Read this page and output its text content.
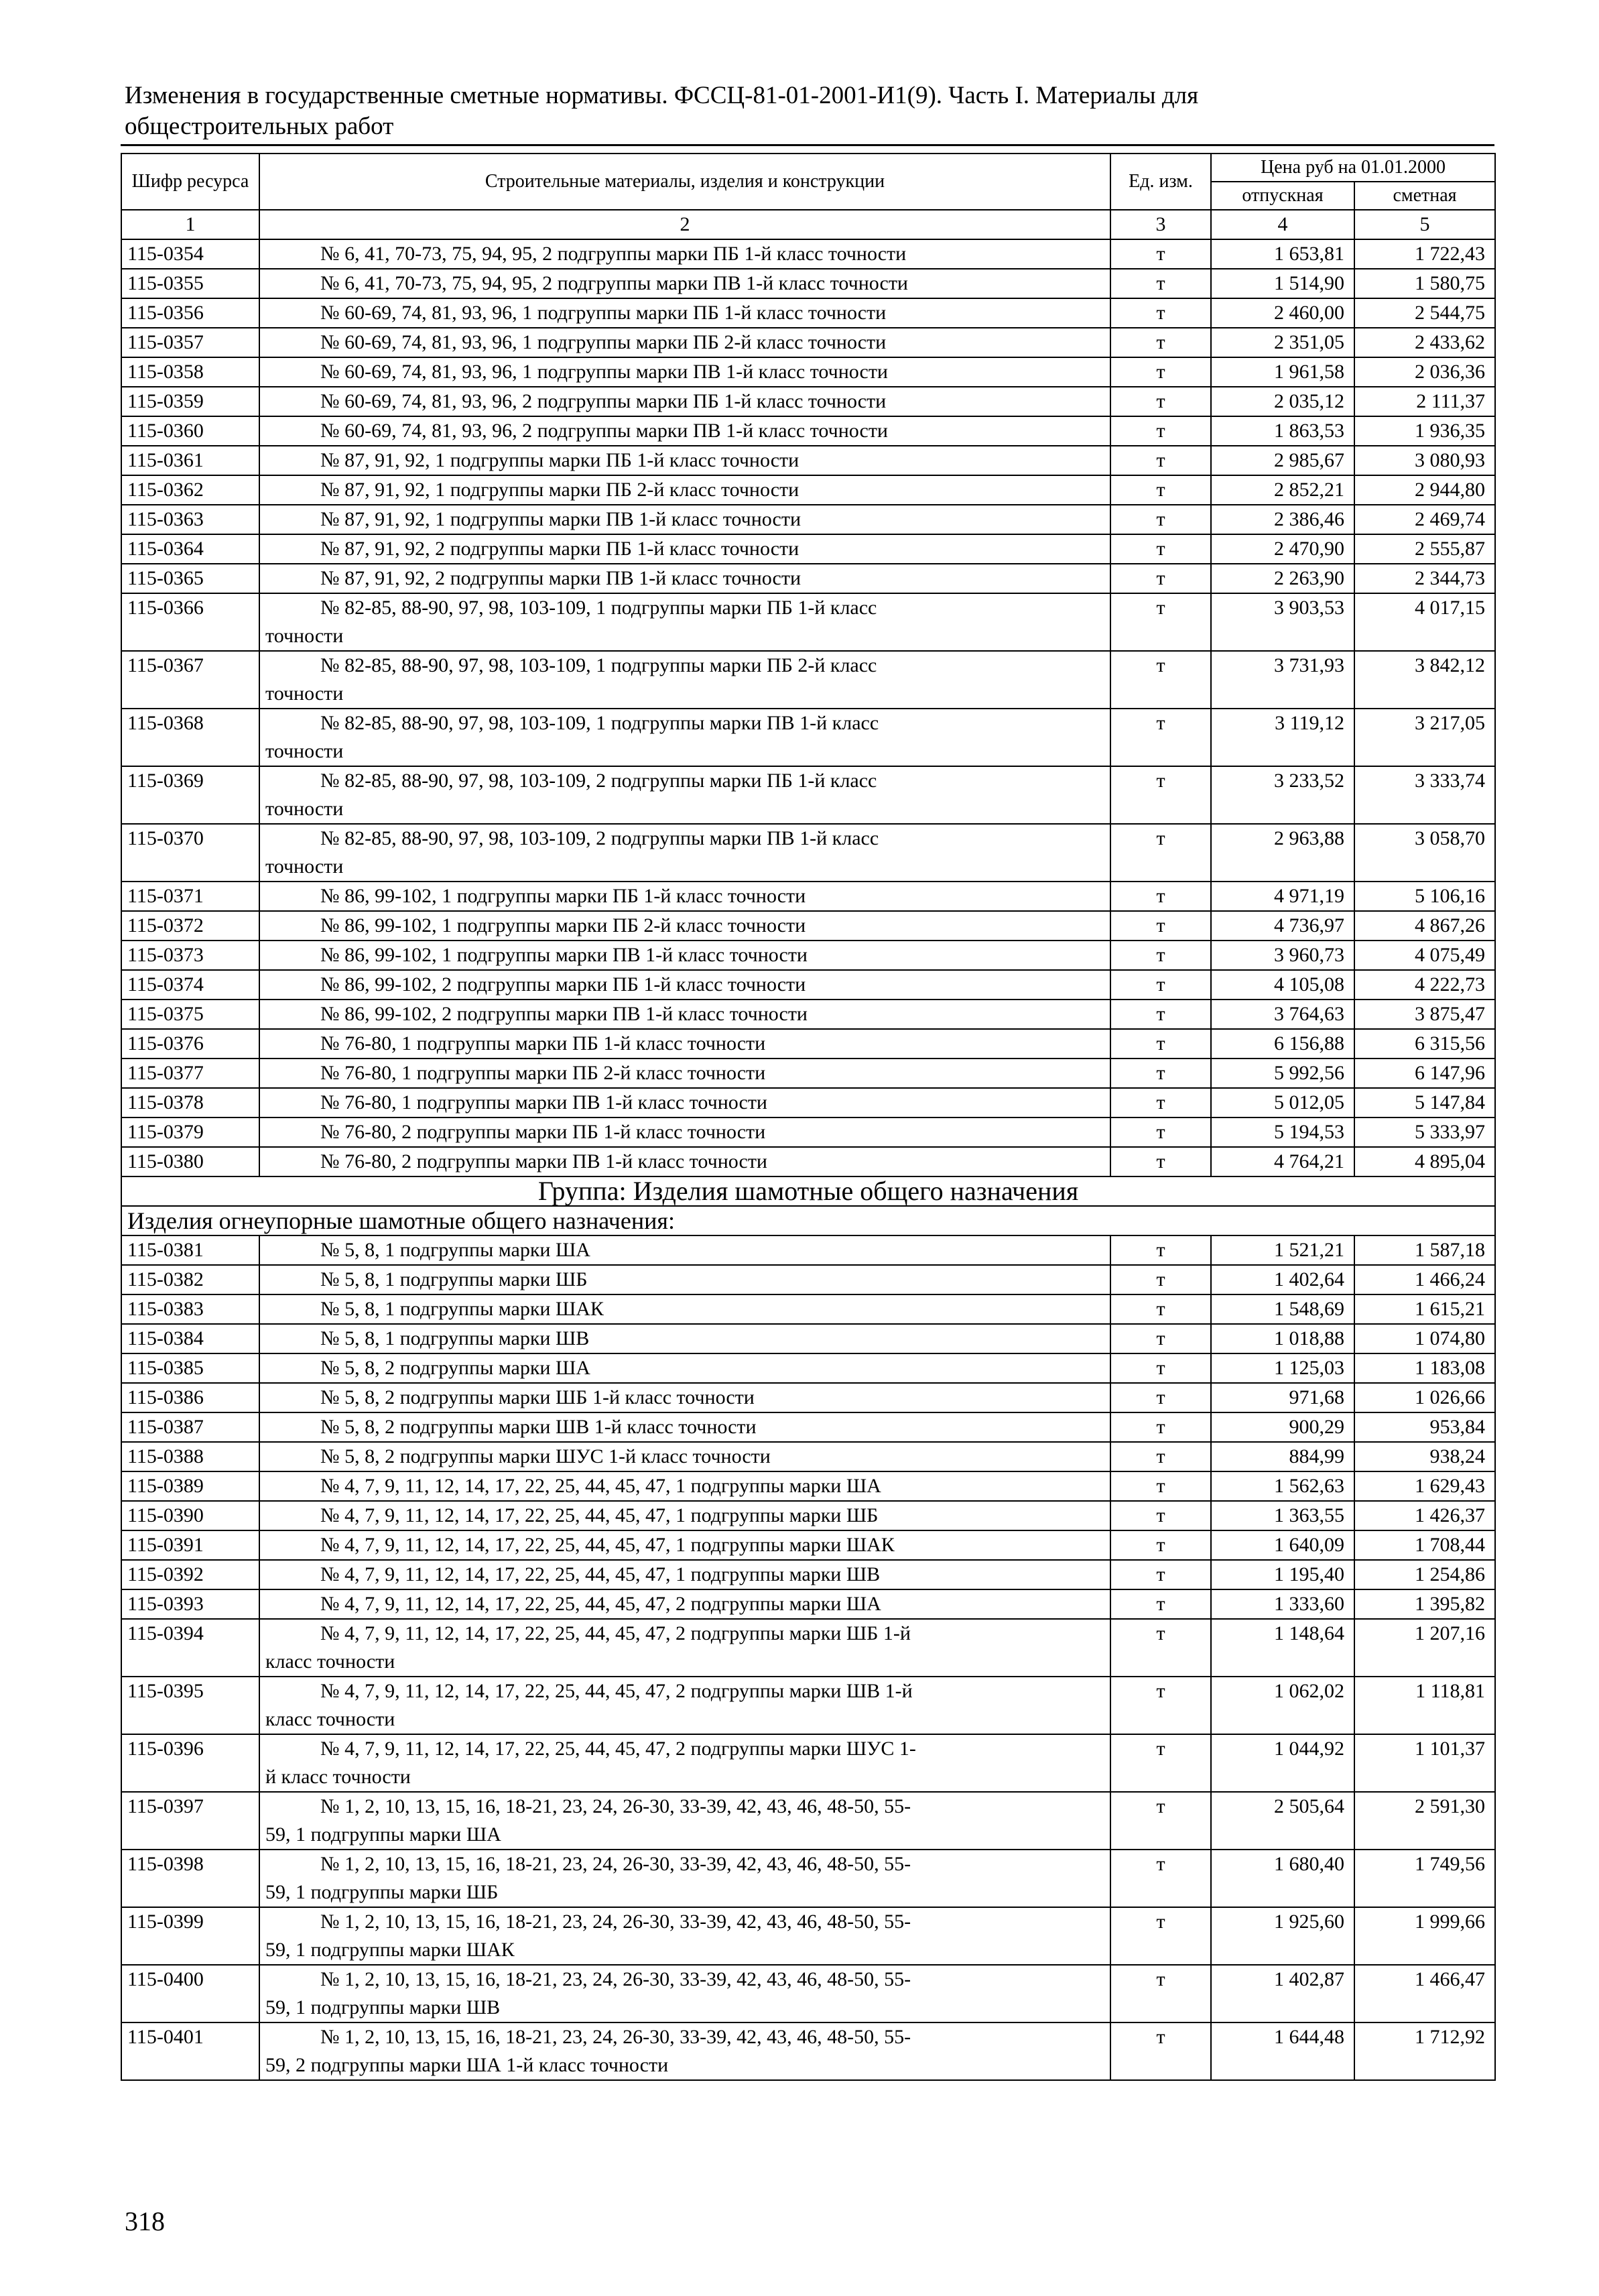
Изменения в государственные сметные нормативы. ФССЦ-81-01-2001-И1(9). Часть I. Материалы для
общестроительных работ
Шифр ресурса	Строительные материалы, изделия и конструкции	Ед. изм.	Цена руб на 01.01.2000	
			отпускная	сметная
1	2	3	4	5
115-0354	№ 6, 41, 70-73, 75, 94, 95, 2 подгруппы марки ПБ 1-й класс точности	т	1 653,81	1 722,43
115-0355	№ 6, 41, 70-73, 75, 94, 95, 2 подгруппы марки ПВ 1-й класс точности	т	1 514,90	1 580,75
115-0356	№ 60-69, 74, 81, 93, 96, 1 подгруппы марки ПБ 1-й класс точности	т	2 460,00	2 544,75
115-0357	№ 60-69, 74, 81, 93, 96, 1 подгруппы марки ПБ 2-й класс точности	т	2 351,05	2 433,62
115-0358	№ 60-69, 74, 81, 93, 96, 1 подгруппы марки ПВ 1-й класс точности	т	1 961,58	2 036,36
115-0359	№ 60-69, 74, 81, 93, 96, 2 подгруппы марки ПБ 1-й класс точности	т	2 035,12	2 111,37
115-0360	№ 60-69, 74, 81, 93, 96, 2 подгруппы марки ПВ 1-й класс точности	т	1 863,53	1 936,35
115-0361	№ 87, 91, 92, 1 подгруппы марки ПБ 1-й класс точности	т	2 985,67	3 080,93
115-0362	№ 87, 91, 92, 1 подгруппы марки ПБ 2-й класс точности	т	2 852,21	2 944,80
115-0363	№ 87, 91, 92, 1 подгруппы марки ПВ 1-й класс точности	т	2 386,46	2 469,74
115-0364	№ 87, 91, 92, 2 подгруппы марки ПБ 1-й класс точности	т	2 470,90	2 555,87
115-0365	№ 87, 91, 92, 2 подгруппы марки ПВ 1-й класс точности	т	2 263,90	2 344,73
115-0366	№ 82-85, 88-90, 97, 98, 103-109, 1 подгруппы марки ПБ 1-й класс
точности	т	3 903,53	4 017,15
115-0367	№ 82-85, 88-90, 97, 98, 103-109, 1 подгруппы марки ПБ 2-й класс
точности	т	3 731,93	3 842,12
115-0368	№ 82-85, 88-90, 97, 98, 103-109, 1 подгруппы марки ПВ 1-й класс
точности	т	3 119,12	3 217,05
115-0369	№ 82-85, 88-90, 97, 98, 103-109, 2 подгруппы марки ПБ 1-й класс
точности	т	3 233,52	3 333,74
115-0370	№ 82-85, 88-90, 97, 98, 103-109, 2 подгруппы марки ПВ 1-й класс
точности	т	2 963,88	3 058,70
115-0371	№ 86, 99-102, 1 подгруппы марки ПБ 1-й класс точности	т	4 971,19	5 106,16
115-0372	№ 86, 99-102, 1 подгруппы марки ПБ 2-й класс точности	т	4 736,97	4 867,26
115-0373	№ 86, 99-102, 1 подгруппы марки ПВ 1-й класс точности	т	3 960,73	4 075,49
115-0374	№ 86, 99-102, 2 подгруппы марки ПБ 1-й класс точности	т	4 105,08	4 222,73
115-0375	№ 86, 99-102, 2 подгруппы марки ПВ 1-й класс точности	т	3 764,63	3 875,47
115-0376	№ 76-80, 1 подгруппы марки ПБ 1-й класс точности	т	6 156,88	6 315,56
115-0377	№ 76-80, 1 подгруппы марки ПБ 2-й класс точности	т	5 992,56	6 147,96
115-0378	№ 76-80, 1 подгруппы марки ПВ 1-й класс точности	т	5 012,05	5 147,84
115-0379	№ 76-80, 2 подгруппы марки ПБ 1-й класс точности	т	5 194,53	5 333,97
115-0380	№ 76-80, 2 подгруппы марки ПВ 1-й класс точности	т	4 764,21	4 895,04
Группа: Изделия шамотные общего назначения				
Изделия огнеупорные шамотные общего назначения:				
115-0381	№ 5, 8, 1 подгруппы марки ША	т	1 521,21	1 587,18
115-0382	№ 5, 8, 1 подгруппы марки ШБ	т	1 402,64	1 466,24
115-0383	№ 5, 8, 1 подгруппы марки ШАК	т	1 548,69	1 615,21
115-0384	№ 5, 8, 1 подгруппы марки ШВ	т	1 018,88	1 074,80
115-0385	№ 5, 8, 2 подгруппы марки ША	т	1 125,03	1 183,08
115-0386	№ 5, 8, 2 подгруппы марки ШБ 1-й класс точности	т	971,68	1 026,66
115-0387	№ 5, 8, 2 подгруппы марки ШВ 1-й класс точности	т	900,29	953,84
115-0388	№ 5, 8, 2 подгруппы марки ШУС 1-й класс точности	т	884,99	938,24
115-0389	№ 4, 7, 9, 11, 12, 14, 17, 22, 25, 44, 45, 47, 1 подгруппы марки ША	т	1 562,63	1 629,43
115-0390	№ 4, 7, 9, 11, 12, 14, 17, 22, 25, 44, 45, 47, 1 подгруппы марки ШБ	т	1 363,55	1 426,37
115-0391	№ 4, 7, 9, 11, 12, 14, 17, 22, 25, 44, 45, 47, 1 подгруппы марки ШАК	т	1 640,09	1 708,44
115-0392	№ 4, 7, 9, 11, 12, 14, 17, 22, 25, 44, 45, 47, 1 подгруппы марки ШВ	т	1 195,40	1 254,86
115-0393	№ 4, 7, 9, 11, 12, 14, 17, 22, 25, 44, 45, 47, 2 подгруппы марки ША	т	1 333,60	1 395,82
115-0394	№ 4, 7, 9, 11, 12, 14, 17, 22, 25, 44, 45, 47, 2 подгруппы марки ШБ 1-й
класс точности	т	1 148,64	1 207,16
115-0395	№ 4, 7, 9, 11, 12, 14, 17, 22, 25, 44, 45, 47, 2 подгруппы марки ШВ 1-й
класс точности	т	1 062,02	1 118,81
115-0396	№ 4, 7, 9, 11, 12, 14, 17, 22, 25, 44, 45, 47, 2 подгруппы марки ШУС 1-
й класс точности	т	1 044,92	1 101,37
115-0397	№ 1, 2, 10, 13, 15, 16, 18-21, 23, 24, 26-30, 33-39, 42, 43, 46, 48-50, 55-
59, 1 подгруппы марки ША	т	2 505,64	2 591,30
115-0398	№ 1, 2, 10, 13, 15, 16, 18-21, 23, 24, 26-30, 33-39, 42, 43, 46, 48-50, 55-
59, 1 подгруппы марки ШБ	т	1 680,40	1 749,56
115-0399	№ 1, 2, 10, 13, 15, 16, 18-21, 23, 24, 26-30, 33-39, 42, 43, 46, 48-50, 55-
59, 1 подгруппы марки ШАК	т	1 925,60	1 999,66
115-0400	№ 1, 2, 10, 13, 15, 16, 18-21, 23, 24, 26-30, 33-39, 42, 43, 46, 48-50, 55-
59, 1 подгруппы марки ШВ	т	1 402,87	1 466,47
115-0401	№ 1, 2, 10, 13, 15, 16, 18-21, 23, 24, 26-30, 33-39, 42, 43, 46, 48-50, 55-
59, 2 подгруппы марки ША 1-й класс точности	т	1 644,48	1 712,92
318
